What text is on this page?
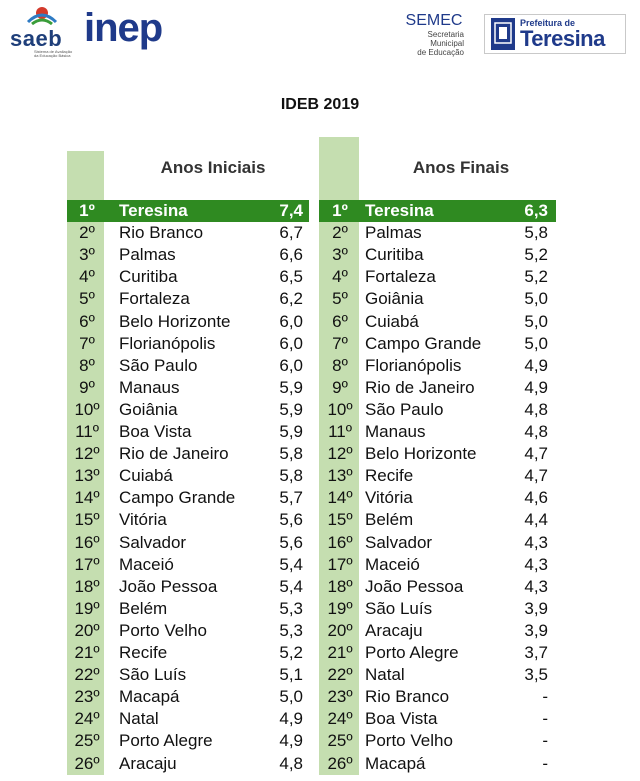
saeb
Sistema de Avaliação da Educação Básica
inep	SEMEC
Secretaria
Municipal
de Educação
Prefeitura de
Teresina
IDEB 2019
Anos Iniciais
1º	Teresina	7,4
2º	Rio Branco	6,7
3º	Palmas	6,6
4º	Curitiba	6,5
5º	Fortaleza	6,2
6º	Belo Horizonte	6,0
7º	Florianópolis	6,0
8º	São Paulo	6,0
9º	Manaus	5,9
10º	Goiânia	5,9
11º	Boa Vista	5,9
12º	Rio de Janeiro	5,8
13º	Cuiabá	5,8
14º	Campo Grande	5,7
15º	Vitória	5,6
16º	Salvador	5,6
17º	Maceió	5,4
18º	João Pessoa	5,4
19º	Belém	5,3
20º	Porto Velho	5,3
21º	Recife	5,2
22º	São Luís	5,1
23º	Macapá	5,0
24º	Natal	4,9
25º	Porto Alegre	4,9
26º	Aracaju	4,8
Anos Finais
1º	Teresina	6,3
2º	Palmas	5,8
3º	Curitiba	5,2
4º	Fortaleza	5,2
5º	Goiânia	5,0
6º	Cuiabá	5,0
7º	Campo Grande	5,0
8º	Florianópolis	4,9
9º	Rio de Janeiro	4,9
10º São Paulo	4,8
11º Manaus	4,8
12º Belo Horizonte	4,7
13º Recife	4,7
14º Vitória	4,6
15º Belém	4,4
16º Salvador	4,3
17º Maceió	4,3
18º João Pessoa	4,3
19º São Luís	3,9
20º Aracaju	3,9
21º Porto Alegre	3,7
22º Natal	3,5
23º Rio Branco	-
24º Boa Vista	-
25º Porto Velho	-
26º Macapá	-
